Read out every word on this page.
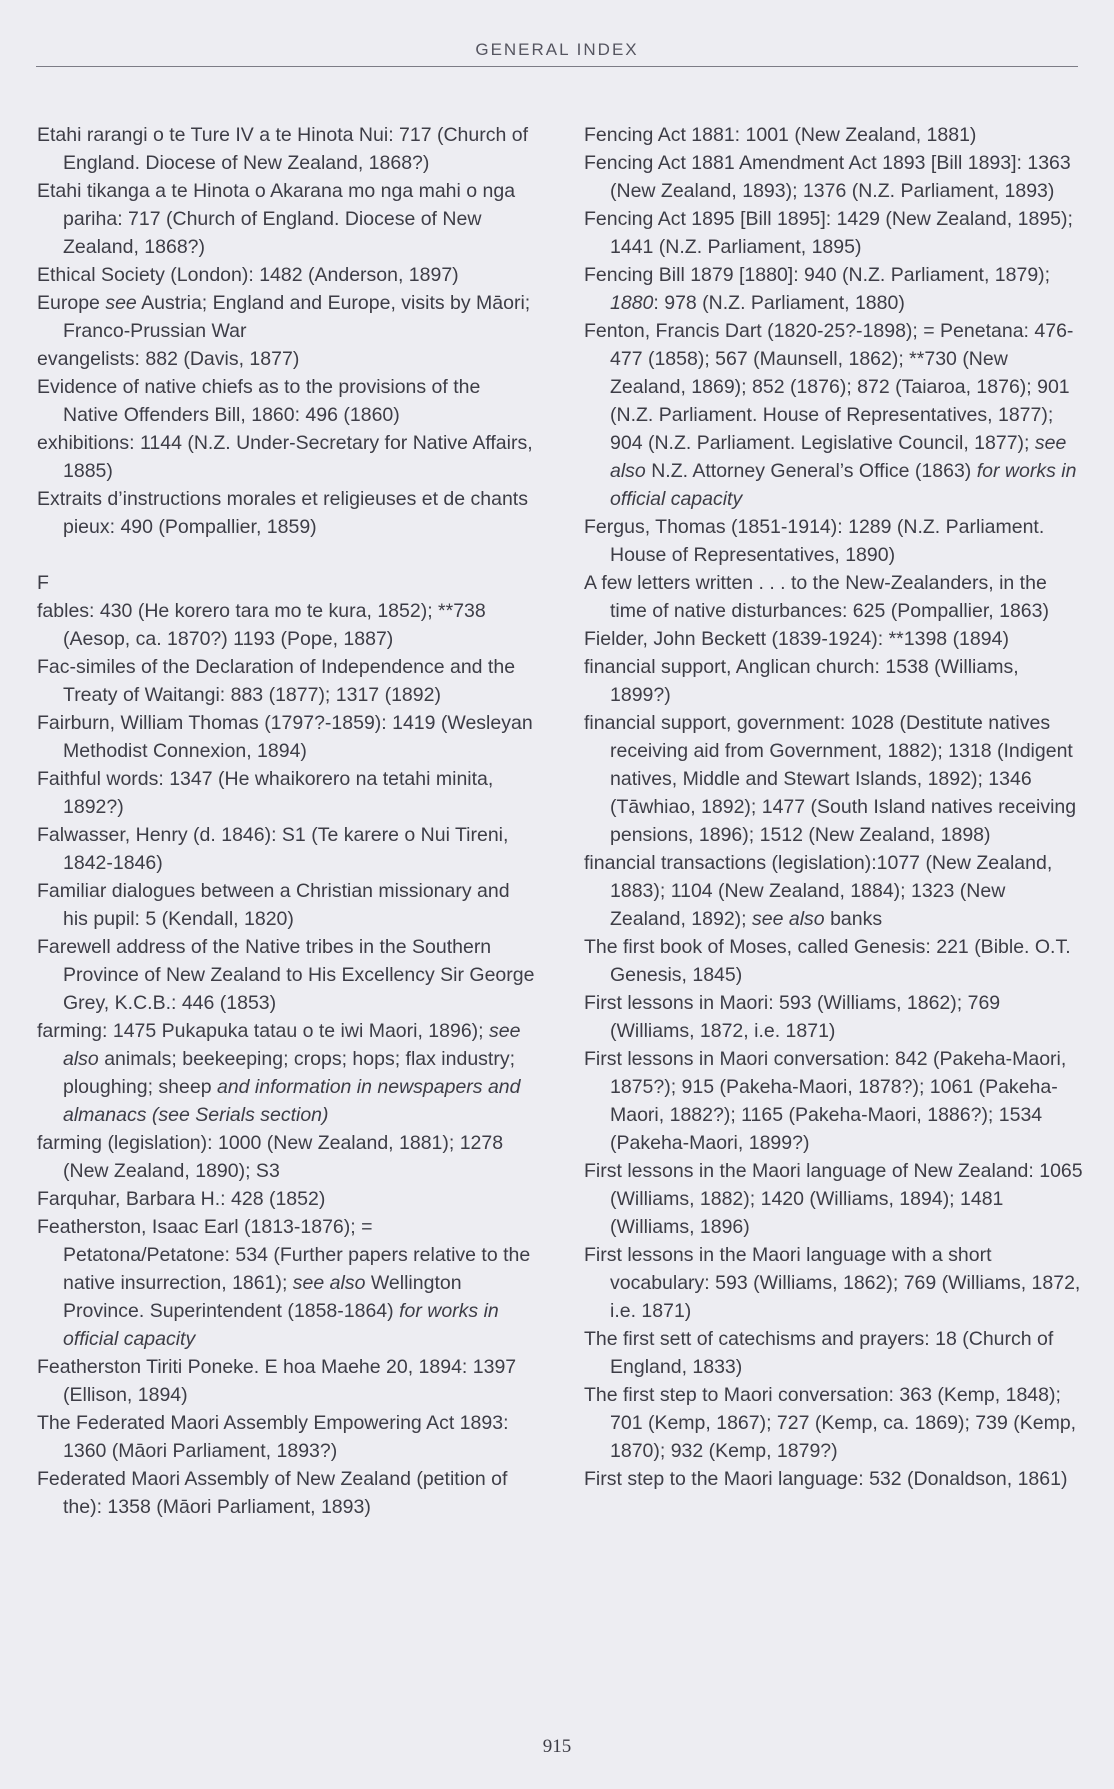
GENERAL INDEX

Etahi rarangi o te Ture IV a te Hinota Nui: 717 (Church of England. Diocese of New Zealand, 1868?)

Etahi tikanga a te Hinota o Akarana mo nga mahi o nga pariha: 717 (Church of England. Diocese of New Zealand, 1868?)

Ethical Society (London): 1482 (Anderson, 1897)

Europe see Austria; England and Europe, visits by Māori; Franco-Prussian War

evangelists: 882 (Davis, 1877)

Evidence of native chiefs as to the provisions of the Native Offenders Bill, 1860: 496 (1860)

exhibitions: 1144 (N.Z. Under-Secretary for Native Affairs, 1885)

Extraits d’instructions morales et religieuses et de chants pieux: 490 (Pompallier, 1859)

F

fables: 430 (He korero tara mo te kura, 1852); **738 (Aesop, ca. 1870?) 1193 (Pope, 1887)

Fac-similes of the Declaration of Independence and the Treaty of Waitangi: 883 (1877); 1317 (1892)

Fairburn, William Thomas (1797?-1859): 1419 (Wesleyan Methodist Connexion, 1894)

Faithful words: 1347 (He whaikorero na tetahi minita, 1892?)

Falwasser, Henry (d. 1846): S1 (Te karere o Nui Tireni, 1842-1846)

Familiar dialogues between a Christian missionary and his pupil: 5 (Kendall, 1820)

Farewell address of the Native tribes in the Southern Province of New Zealand to His Excellency Sir George Grey, K.C.B.: 446 (1853)

farming: 1475 Pukapuka tatau o te iwi Maori, 1896); see also animals; beekeeping; crops; hops; flax industry; ploughing; sheep and information in newspapers and almanacs (see Serials section)

farming (legislation): 1000 (New Zealand, 1881); 1278 (New Zealand, 1890); S3

Farquhar, Barbara H.: 428 (1852)

Featherston, Isaac Earl (1813-1876); = Petatona/Petatone: 534 (Further papers relative to the native insurrection, 1861); see also Wellington Province. Superintendent (1858-1864) for works in official capacity

Featherston Tiriti Poneke. E hoa Maehe 20, 1894: 1397 (Ellison, 1894)

The Federated Maori Assembly Empowering Act 1893: 1360 (Māori Parliament, 1893?)

Federated Maori Assembly of New Zealand (petition of the): 1358 (Māori Parliament, 1893)

Fencing Act 1881: 1001 (New Zealand, 1881)

Fencing Act 1881 Amendment Act 1893 [Bill 1893]: 1363 (New Zealand, 1893); 1376 (N.Z. Parliament, 1893)

Fencing Act 1895 [Bill 1895]: 1429 (New Zealand, 1895); 1441 (N.Z. Parliament, 1895)

Fencing Bill 1879 [1880]: 940 (N.Z. Parliament, 1879); 1880: 978 (N.Z. Parliament, 1880)

Fenton, Francis Dart (1820-25?-1898); = Penetana: 476-477 (1858); 567 (Maunsell, 1862); **730 (New Zealand, 1869); 852 (1876); 872 (Taiaroa, 1876); 901 (N.Z. Parliament. House of Representatives, 1877); 904 (N.Z. Parliament. Legislative Council, 1877); see also N.Z. Attorney General’s Office (1863) for works in official capacity

Fergus, Thomas (1851-1914): 1289 (N.Z. Parliament. House of Representatives, 1890)

A few letters written . . . to the New-Zealanders, in the time of native disturbances: 625 (Pompallier, 1863)

Fielder, John Beckett (1839-1924): **1398 (1894)

financial support, Anglican church: 1538 (Williams, 1899?)

financial support, government: 1028 (Destitute natives receiving aid from Government, 1882); 1318 (Indigent natives, Middle and Stewart Islands, 1892); 1346 (Tāwhiao, 1892); 1477 (South Island natives receiving pensions, 1896); 1512 (New Zealand, 1898)

financial transactions (legislation):1077 (New Zealand, 1883); 1104 (New Zealand, 1884); 1323 (New Zealand, 1892); see also banks

The first book of Moses, called Genesis: 221 (Bible. O.T. Genesis, 1845)

First lessons in Maori: 593 (Williams, 1862); 769 (Williams, 1872, i.e. 1871)

First lessons in Maori conversation: 842 (Pakeha-Maori, 1875?); 915 (Pakeha-Maori, 1878?); 1061 (Pakeha-Maori, 1882?); 1165 (Pakeha-Maori, 1886?); 1534 (Pakeha-Maori, 1899?)

First lessons in the Maori language of New Zealand: 1065 (Williams, 1882); 1420 (Williams, 1894); 1481 (Williams, 1896)

First lessons in the Maori language with a short vocabulary: 593 (Williams, 1862); 769 (Williams, 1872, i.e. 1871)

The first sett of catechisms and prayers: 18 (Church of England, 1833)

The first step to Maori conversation: 363 (Kemp, 1848); 701 (Kemp, 1867); 727 (Kemp, ca. 1869); 739 (Kemp, 1870); 932 (Kemp, 1879?)

First step to the Maori language: 532 (Donaldson, 1861)

915
